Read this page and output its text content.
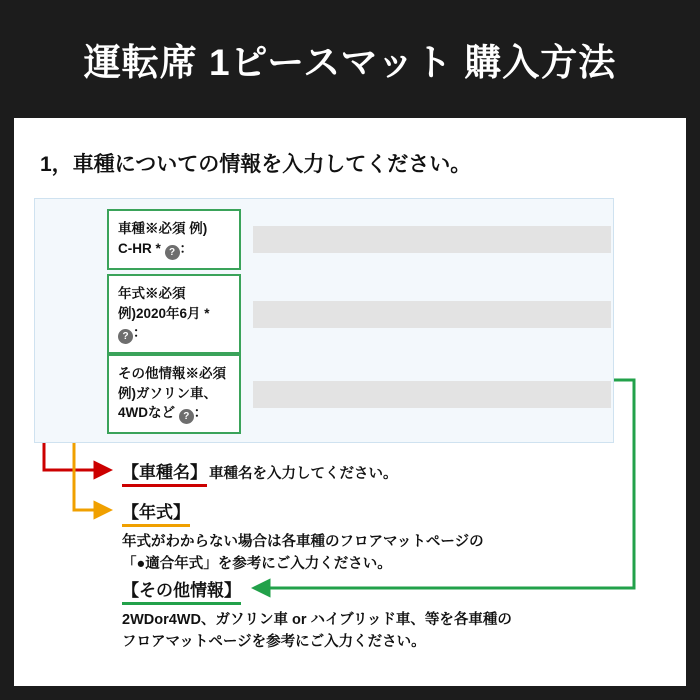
運転席 1ピースマット 購入方法
1，車種についての情報を入力してください。
車種※必須 例)
C-HR * ? ：
年式※必須
例)2020年6月 *
? ：
その他情報※必須
例)ガソリン車、
4WDなど ? ：
【車種名】 車種名を入力してください。
【年式】
年式がわからない場合は各車種のフロアマットページの
「●適合年式」を参考にご入力ください。
【その他情報】
2WDor4WD、ガソリン車 or ハイブリッド車、等を各車種の
フロアマットページを参考にご入力ください。
